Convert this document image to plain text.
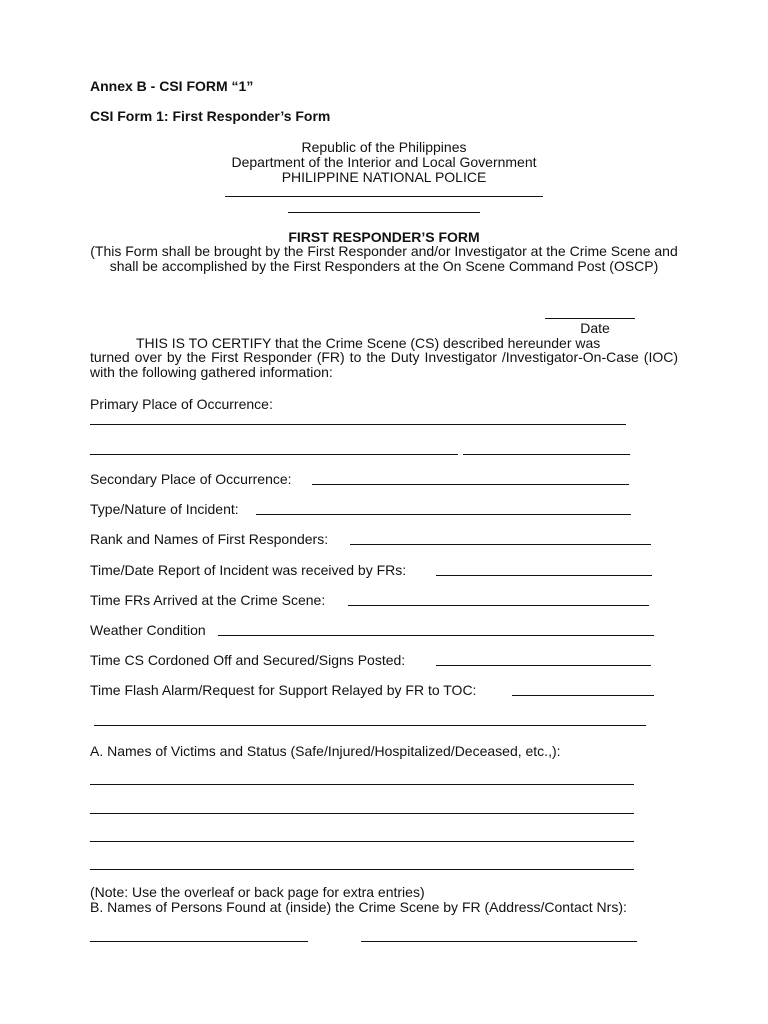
Annex B - CSI FORM “1”
CSI Form 1: First Responder’s Form
Republic of the Philippines
Department of the Interior and Local Government
PHILIPPINE NATIONAL POLICE
FIRST RESPONDER’S FORM
(This Form shall be brought by the First Responder and/or Investigator at the Crime Scene and shall be accomplished by the First Responders at the On Scene Command Post (OSCP)
Date
THIS IS TO CERTIFY that the Crime Scene (CS) described hereunder was
turned over by the First Responder (FR) to the Duty Investigator /Investigator-On-Case (IOC) with the following gathered information:
Primary Place of Occurrence:
Secondary Place of Occurrence:
Type/Nature of Incident:
Rank and Names of First Responders:
Time/Date Report of Incident was received by FRs:
Time FRs Arrived at the Crime Scene:
Weather Condition
Time CS Cordoned Off and Secured/Signs Posted:
Time Flash Alarm/Request for Support Relayed by FR to TOC:
A. Names of Victims and Status (Safe/Injured/Hospitalized/Deceased, etc.,):
(Note: Use the overleaf or back page for extra entries)
B. Names of Persons Found at (inside) the Crime Scene by FR (Address/Contact Nrs):
